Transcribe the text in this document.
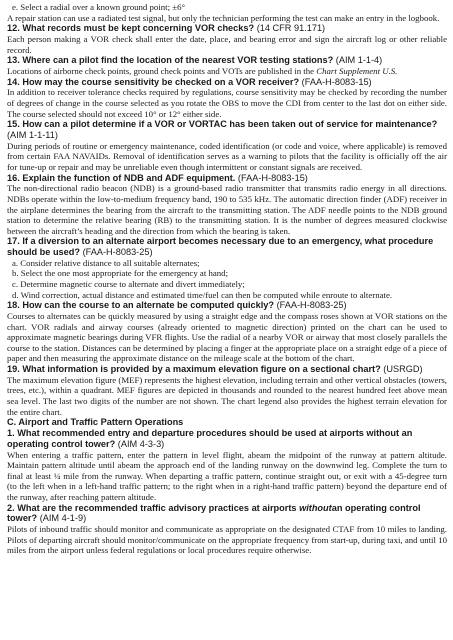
e. Select a radial over a known ground point; ±6°

A repair station can use a radiated test signal, but only the technician performing the test can make an entry in the logbook.

12. What records must be kept concerning VOR checks? (14 CFR 91.171)

Each person making a VOR check shall enter the date, place, and bearing error and sign the aircraft log or other reliable record.

13. Where can a pilot find the location of the nearest VOR testing stations? (AIM 1-1-4)

Locations of airborne check points, ground check points and VOTs are published in the Chart Supplement U.S.

14. How may the course sensitivity be checked on a VOR receiver? (FAA-H-8083-15)

In addition to receiver tolerance checks required by regulations, course sensitivity may be checked by recording the number of degrees of change in the course selected as you rotate the OBS to move the CDI from center to the last dot on either side. The course selected should not exceed 10° or 12° either side.

15. How can a pilot determine if a VOR or VORTAC has been taken out of service for maintenance? (AIM 1-1-11)

During periods of routine or emergency maintenance, coded identification (or code and voice, where applicable) is removed from certain FAA NAVAIDs. Removal of identification serves as a warning to pilots that the facility is officially off the air for tune-up or repair and may be unreliable even though intermittent or constant signals are received.

16. Explain the function of NDB and ADF equipment. (FAA-H-8083-15)

The non-directional radio beacon (NDB) is a ground-based radio transmitter that transmits radio energy in all directions. NDBs operate within the low-to-medium frequency band, 190 to 535 kHz. The automatic direction finder (ADF) receiver in the airplane determines the bearing from the aircraft to the transmitting station. The ADF needle points to the NDB ground station to determine the relative bearing (RB) to the transmitting station. It is the number of degrees measured clockwise between the aircraft’s heading and the direction from which the bearing is taken.

17. If a diversion to an alternate airport becomes necessary due to an emergency, what procedure should be used? (FAA-H-8083-25)

a. Consider relative distance to all suitable alternates;

b. Select the one most appropriate for the emergency at hand;

c. Determine magnetic course to alternate and divert immediately;

d. Wind correction, actual distance and estimated time/fuel can then be computed while enroute to alternate.

18. How can the course to an alternate be computed quickly? (FAA-H-8083-25)

Courses to alternates can be quickly measured by using a straight edge and the compass roses shown at VOR stations on the chart. VOR radials and airway courses (already oriented to magnetic direction) printed on the chart can be used to approximate magnetic bearings during VFR flights. Use the radial of a nearby VOR or airway that most closely parallels the course to the station. Distances can be determined by placing a finger at the appropriate place on a straight edge of a piece of paper and then measuring the approximate distance on the mileage scale at the bottom of the chart.

19. What information is provided by a maximum elevation figure on a sectional chart? (USRGD)

The maximum elevation figure (MEF) represents the highest elevation, including terrain and other vertical obstacles (towers, trees, etc.), within a quadrant. MEF figures are depicted in thousands and rounded to the nearest hundred feet above mean sea level. The last two digits of the number are not shown. The chart legend also provides the highest terrain elevation for the entire chart.

C. Airport and Traffic Pattern Operations

1. What recommended entry and departure procedures should be used at airports without an operating control tower? (AIM 4-3-3)

When entering a traffic pattern, enter the pattern in level flight, abeam the midpoint of the runway at pattern altitude. Maintain pattern altitude until abeam the approach end of the landing runway on the downwind leg. Complete the turn to final at least ¼ mile from the runway. When departing a traffic pattern, continue straight out, or exit with a 45-degree turn (to the left when in a left-hand traffic pattern; to the right when in a right-hand traffic pattern) beyond the departure end of the runway, after reaching pattern altitude.

2. What are the recommended traffic advisory practices at airports withoutan operating control tower? (AIM 4-1-9)

Pilots of inbound traffic should monitor and communicate as appropriate on the designated CTAF from 10 miles to landing. Pilots of departing aircraft should monitor/communicate on the appropriate frequency from start-up, during taxi, and until 10 miles from the airport unless federal regulations or local procedures require otherwise.
